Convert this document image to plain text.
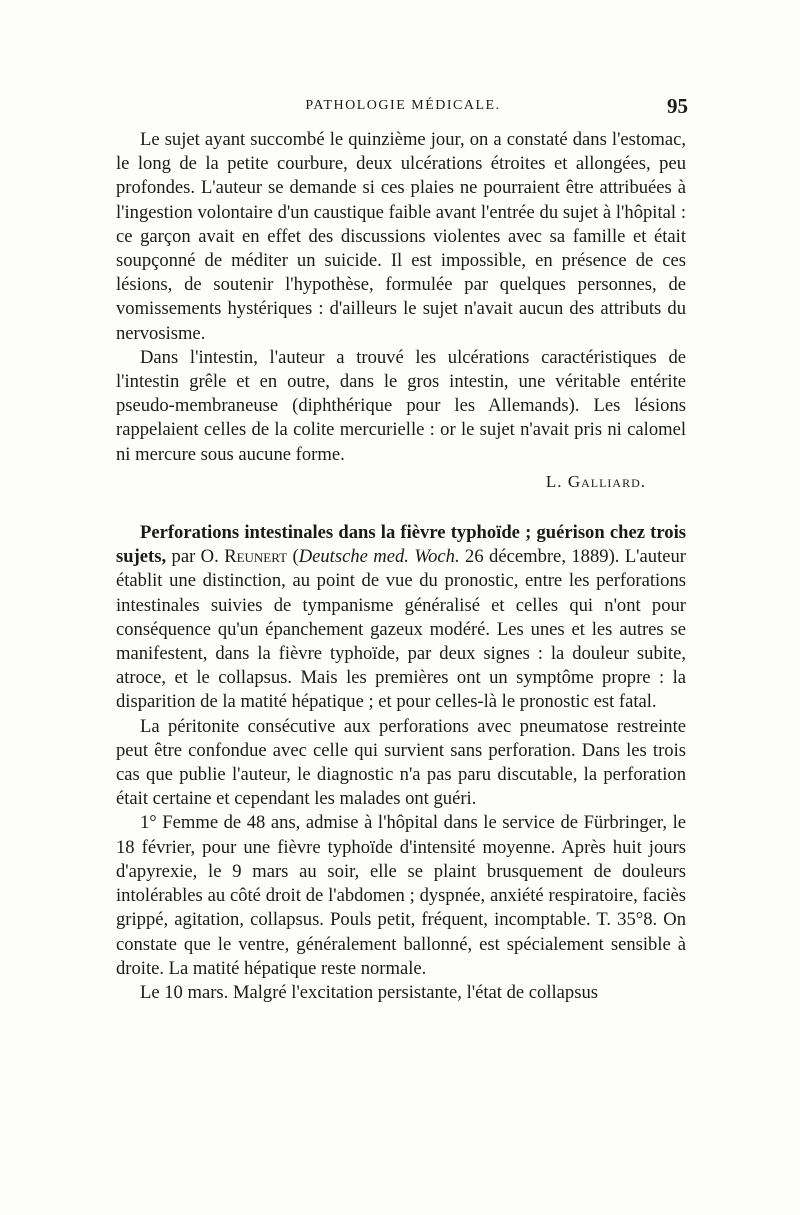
PATHOLOGIE MÉDICALE.	95

Le sujet ayant succombé le quinzième jour, on a constaté dans l'estomac, le long de la petite courbure, deux ulcérations étroites et allongées, peu profondes. L'auteur se demande si ces plaies ne pourraient être attribuées à l'ingestion volontaire d'un caustique faible avant l'entrée du sujet à l'hôpital : ce garçon avait en effet des discussions violentes avec sa famille et était soupçonné de méditer un suicide. Il est impossible, en présence de ces lésions, de soutenir l'hypothèse, formulée par quelques personnes, de vomissements hystériques : d'ailleurs le sujet n'avait aucun des attributs du nervosisme.

Dans l'intestin, l'auteur a trouvé les ulcérations caractéristiques de l'intestin grêle et en outre, dans le gros intestin, une véritable entérite pseudo-membraneuse (diphthérique pour les Allemands). Les lésions rappelaient celles de la colite mercurielle : or le sujet n'avait pris ni calomel ni mercure sous aucune forme.

L. Galliard.

Perforations intestinales dans la fièvre typhoïde ; guérison chez trois sujets, par O. Reunert (Deutsche med. Woch. 26 décembre, 1889). L'auteur établit une distinction, au point de vue du pronostic, entre les perforations intestinales suivies de tympanisme généralisé et celles qui n'ont pour conséquence qu'un épanchement gazeux modéré. Les unes et les autres se manifestent, dans la fièvre typhoïde, par deux signes : la douleur subite, atroce, et le collapsus. Mais les premières ont un symptôme propre : la disparition de la matité hépatique ; et pour celles-là le pronostic est fatal.

La péritonite consécutive aux perforations avec pneumatose restreinte peut être confondue avec celle qui survient sans perforation. Dans les trois cas que publie l'auteur, le diagnostic n'a pas paru discutable, la perforation était certaine et cependant les malades ont guéri.

1° Femme de 48 ans, admise à l'hôpital dans le service de Fürbringer, le 18 février, pour une fièvre typhoïde d'intensité moyenne. Après huit jours d'apyrexie, le 9 mars au soir, elle se plaint brusquement de douleurs intolérables au côté droit de l'abdomen ; dyspnée, anxiété respiratoire, faciès grippé, agitation, collapsus. Pouls petit, fréquent, incomptable. T. 35°8. On constate que le ventre, généralement ballonné, est spécialement sensible à droite. La matité hépatique reste normale.

Le 10 mars. Malgré l'excitation persistante, l'état de collapsus
